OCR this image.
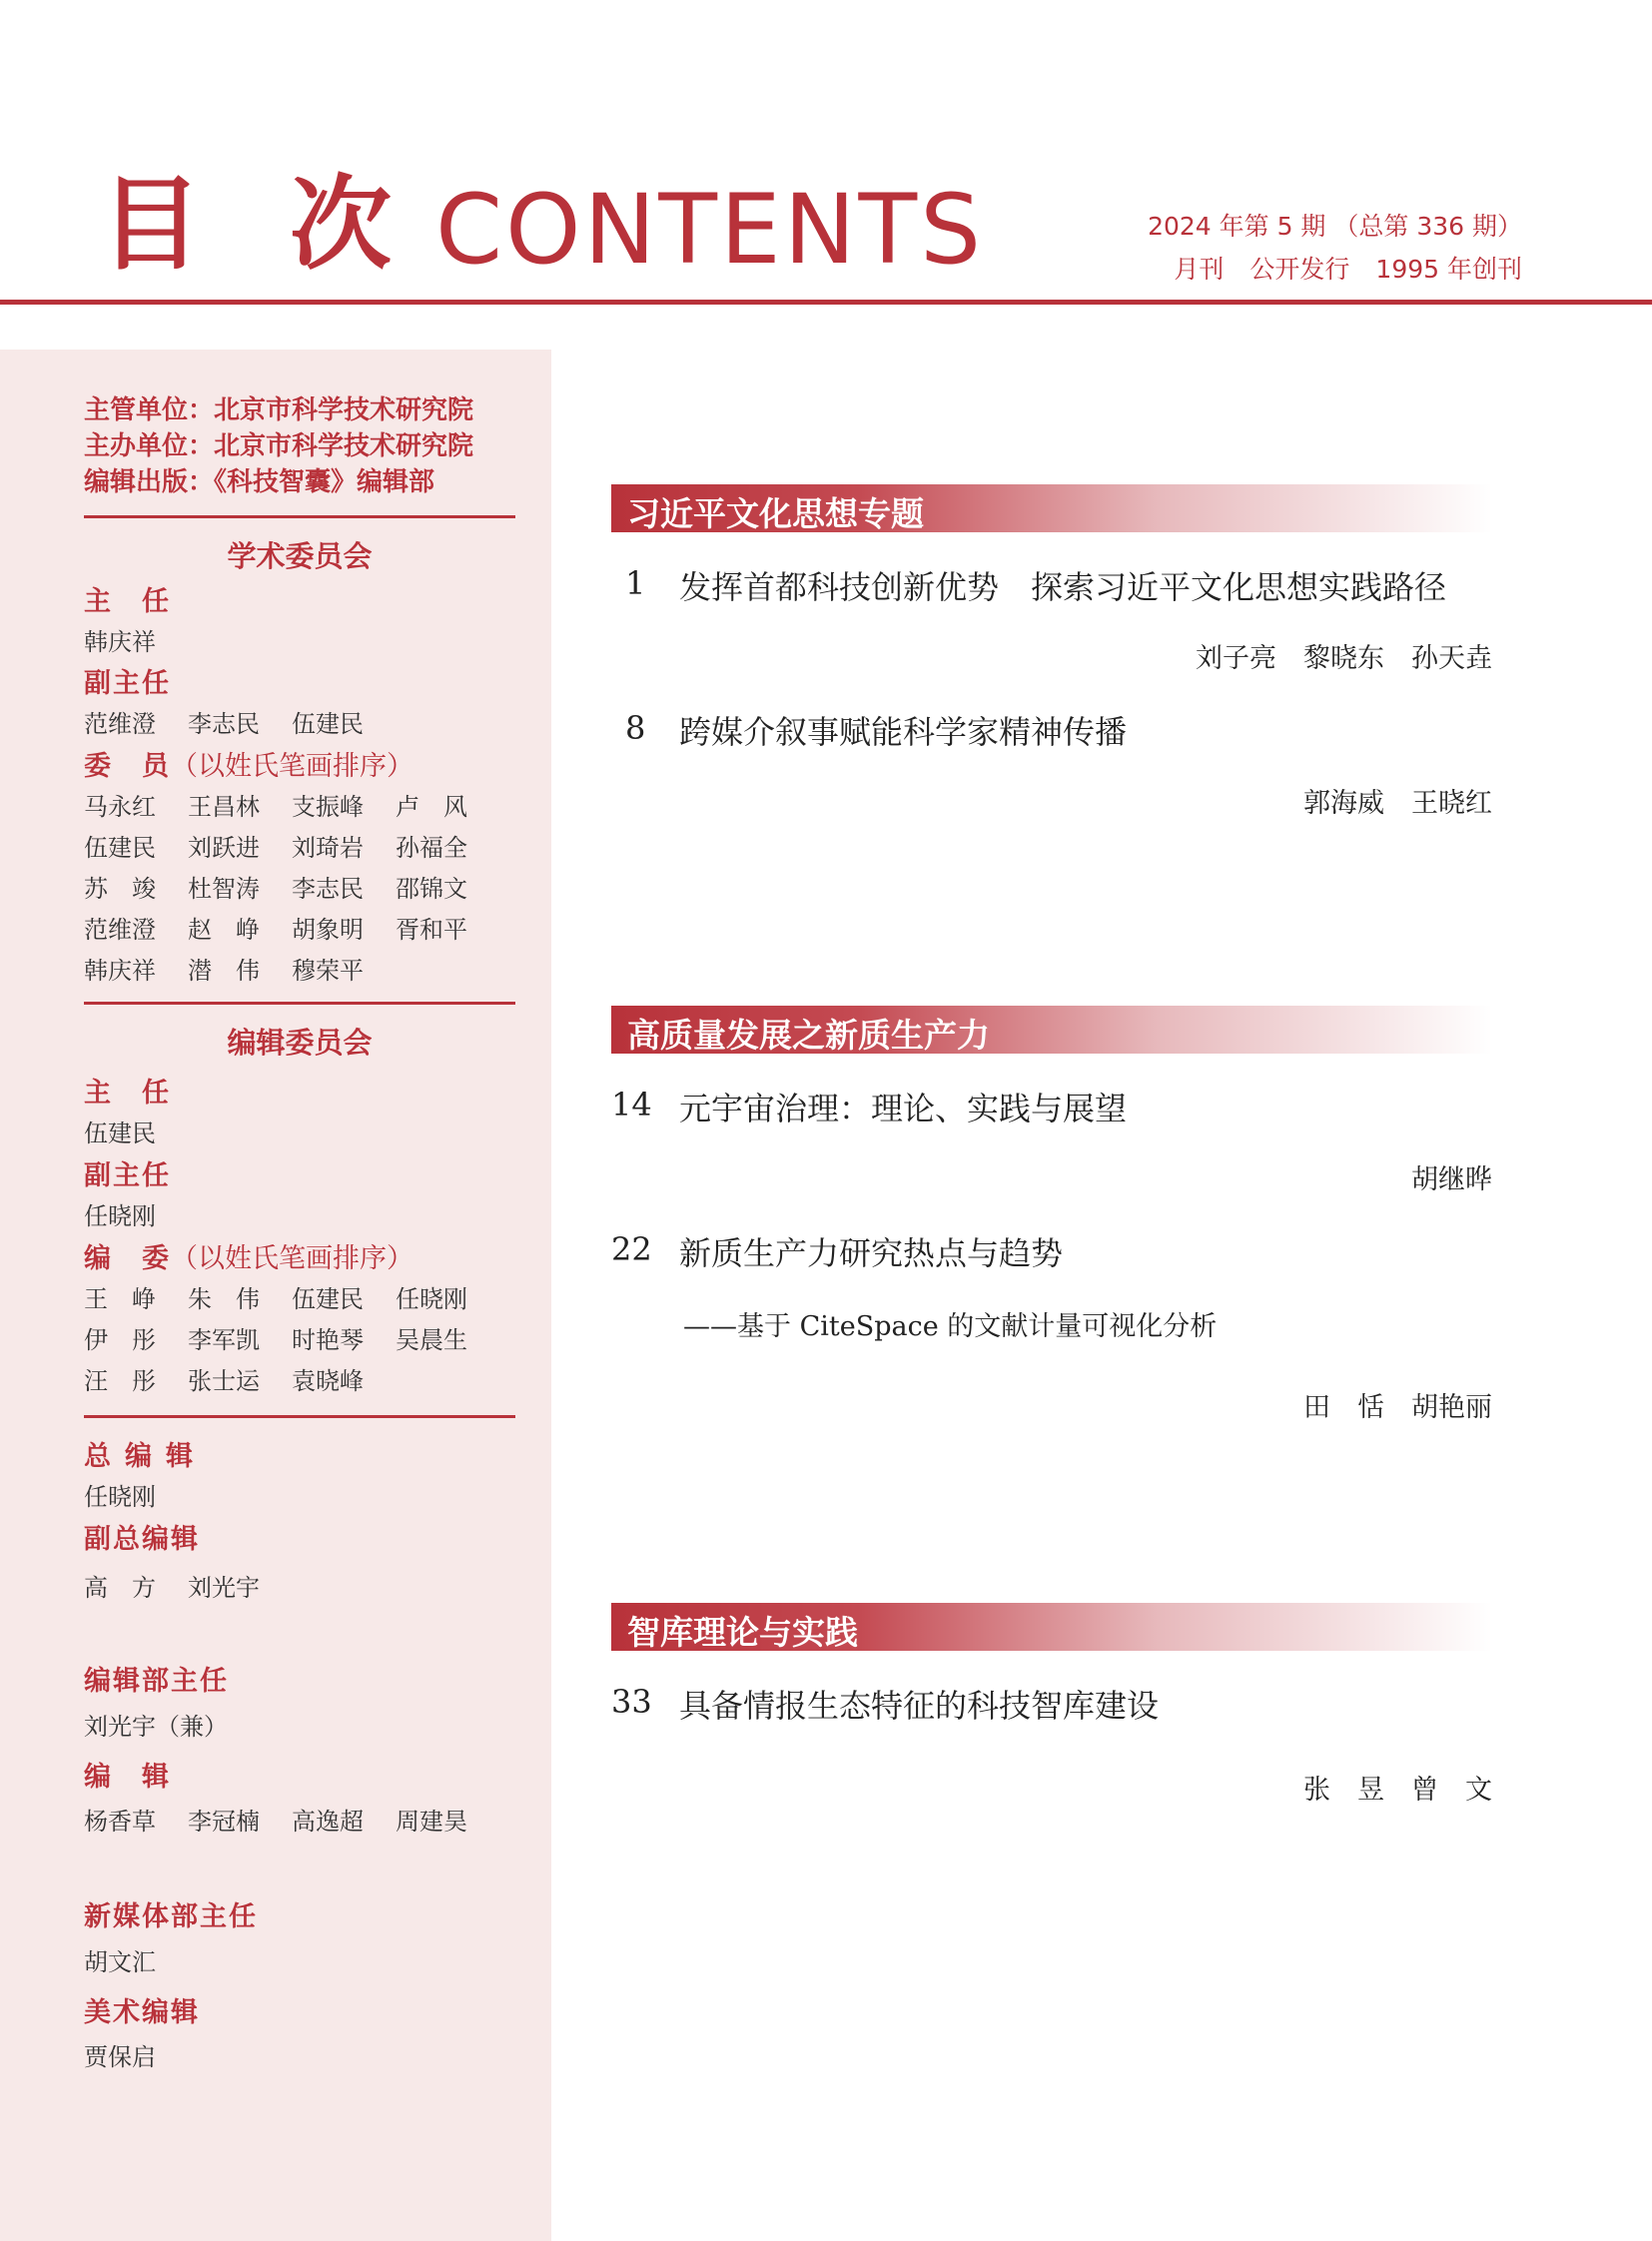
目 次 CONTENTS	2024 年第 5 期 （总第 336 期）
月刊 公开发行 1995 年创刊
主管单位：北京市科学技术研究院
主办单位：北京市科学技术研究院
编辑出版：《科技智囊》编辑部
学术委员会
主　任
韩庆祥
副主任
范维澄 李志民 伍建民
委　员（以姓氏笔画排序）
马永红 王昌林 支振峰 卢　风
伍建民 刘跃进 刘琦岩 孙福全
苏　竣 杜智涛 李志民 邵锦文
范维澄 赵　峥 胡象明 胥和平
韩庆祥 潜　伟 穆荣平
编辑委员会
主　任
伍建民
副主任
任晓刚
编　委（以姓氏笔画排序）
王　峥 朱　伟 伍建民 任晓刚
伊　彤 李军凯 时艳琴 吴晨生
汪　彤 张士运 袁晓峰
总编辑
任晓刚
副总编辑
高　方 刘光宇
编辑部主任
刘光宇（兼）
编　辑
杨香草 李冠楠 高逸超 周建昊
新媒体部主任
胡文汇
美术编辑
贾保启
习近平文化思想专题
1 发挥首都科技创新优势　探索习近平文化思想实践路径
刘子亮　黎晓东　孙天垚
8 跨媒介叙事赋能科学家精神传播
郭海威　王晓红
高质量发展之新质生产力
14 元宇宙治理：理论、实践与展望
胡继晔
22 新质生产力研究热点与趋势
——基于 CiteSpace 的文献计量可视化分析
田　恬　胡艳丽
智库理论与实践
33 具备情报生态特征的科技智库建设
张　昱　曾　文
